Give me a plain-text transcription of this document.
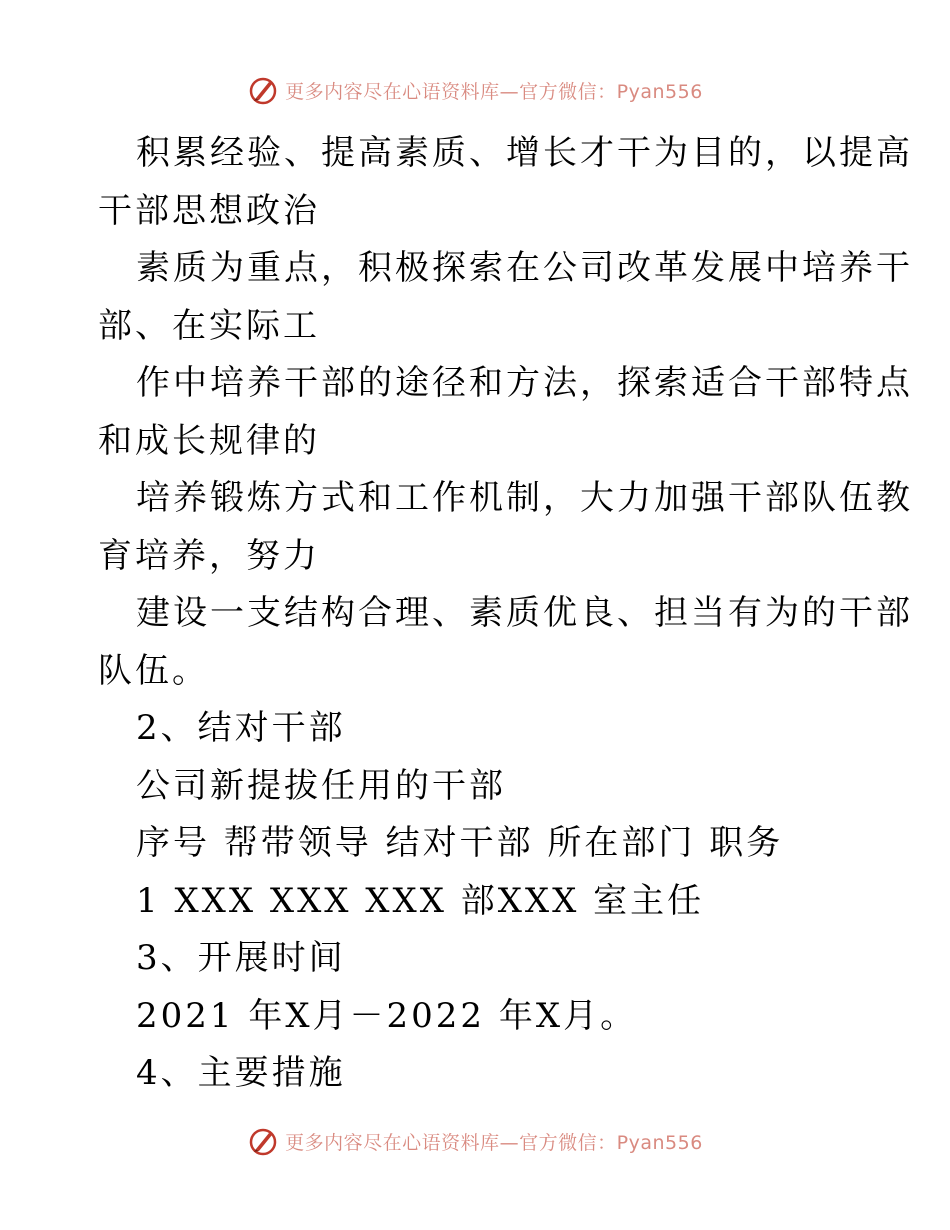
更多内容尽在心语资料库—官方微信：Pyan556
积累经验、提高素质、增长才干为目的，以提高
干部思想政治
素质为重点，积极探索在公司改革发展中培养干
部、在实际工
作中培养干部的途径和方法，探索适合干部特点
和成长规律的
培养锻炼方式和工作机制，大力加强干部队伍教
育培养，努力
建设一支结构合理、素质优良、担当有为的干部
队伍。
2、结对干部
公司新提拔任用的干部
序号 帮带领导 结对干部 所在部门 职务
1 XXX XXX XXX 部XXX 室主任
3、开展时间
2021 年X月－2022 年X月。
4、主要措施
更多内容尽在心语资料库—官方微信：Pyan556
